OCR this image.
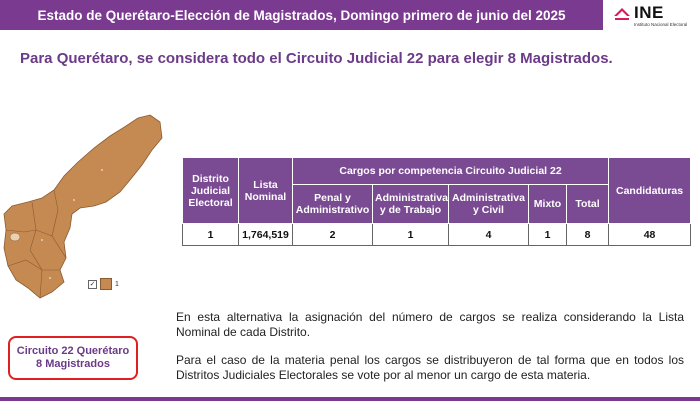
Estado de Querétaro-Elección de Magistrados, Domingo primero de junio del 2025	INE
Instituto Nacional Electoral
Para Querétaro, se considera todo el Circuito Judicial 22 para elegir 8 Magistrados.
✓	1
Distrito Judicial Electoral	Lista Nominal	Cargos por competencia Circuito Judicial 22					Candidaturas
		Penal y Administrativo	Administrativa y de Trabajo	Administrativa y Civil	Mixto	Total	
1	1,764,519	2	1	4	1	8	48
En esta alternativa la asignación del número de cargos se realiza considerando la Lista Nominal de cada Distrito.
Para el caso de la materia penal los cargos se distribuyeron de tal forma que en todos los Distritos Judiciales Electorales se vote por al menor un cargo de esta materia.
Circuito 22 Querétaro
8 Magistrados
